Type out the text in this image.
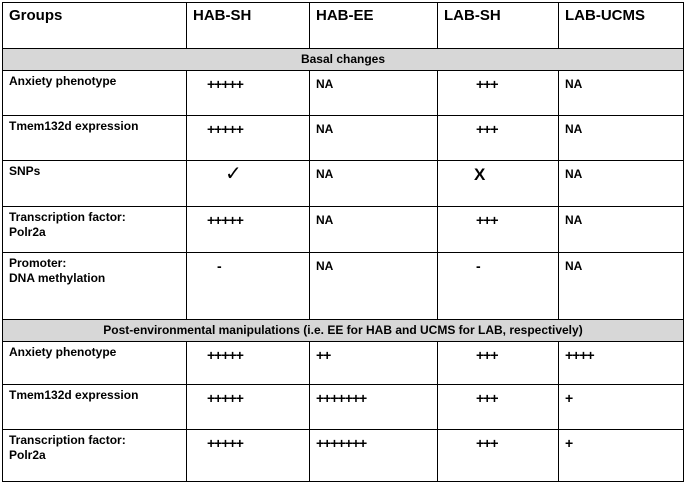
Groups	HAB-SH	HAB-EE	LAB-SH	LAB-UCMS
Basal changes				
Anxiety phenotype	+++++	NA	+++	NA
Tmem132d expression	+++++	NA	+++	NA
SNPs	✓	NA	X	NA
Transcription factor:
Polr2a	+++++	NA	+++	NA
Promoter:
DNA methylation	-	NA	-	NA
Post-environmental manipulations (i.e. EE for HAB and UCMS for LAB, respectively)				
Anxiety phenotype	+++++	++	+++	++++
Tmem132d expression	+++++	+++++++	+++	+
Transcription factor:
Polr2a	+++++	+++++++	+++	+
